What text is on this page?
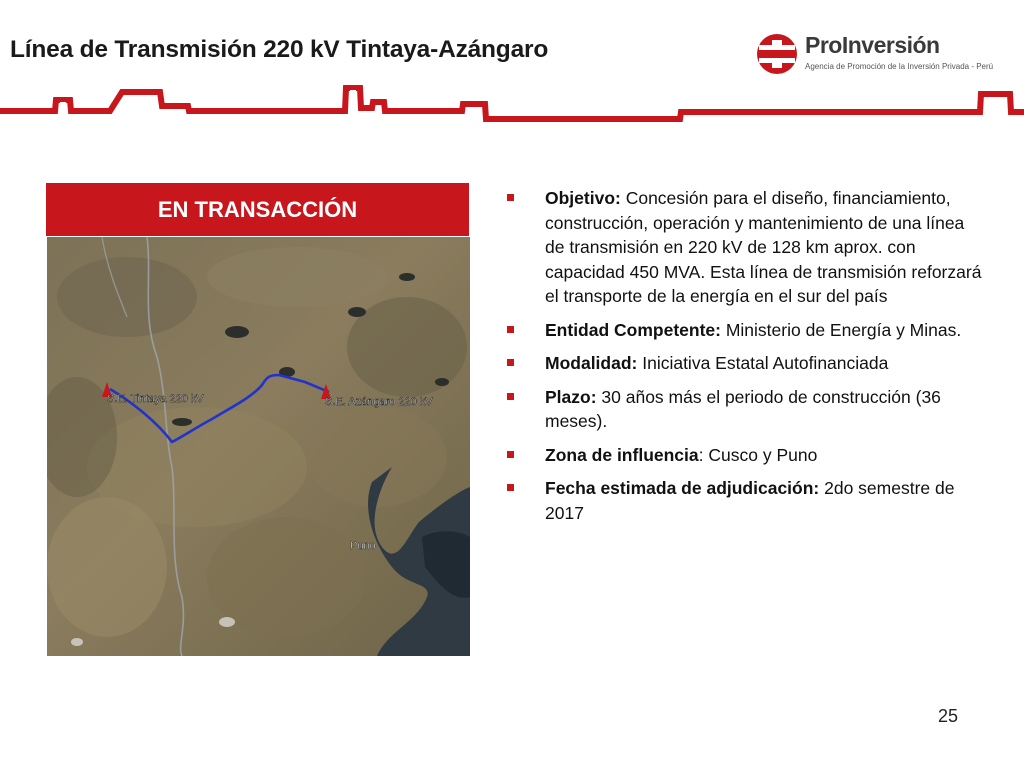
Línea de Transmisión 220 kV Tintaya-Azángaro	ProInversión
Agencia de Promoción de la Inversión Privada - Perú
EN TRANSACCIÓN
S.E. Tintaya 220 kV	S.E. Azángaro 220 kV
Puno
Objetivo: Concesión para el diseño, financiamiento, construcción, operación y mantenimiento de una línea de transmisión en 220 kV de 128 km aprox. con capacidad 450 MVA. Esta línea de transmisión reforzará el transporte de la energía en el sur del país
Entidad Competente: Ministerio de Energía y Minas.
Modalidad: Iniciativa Estatal Autofinanciada
Plazo: 30 años más el periodo de construcción (36 meses).
Zona de influencia: Cusco y Puno
Fecha estimada de adjudicación: 2do semestre de 2017
25
